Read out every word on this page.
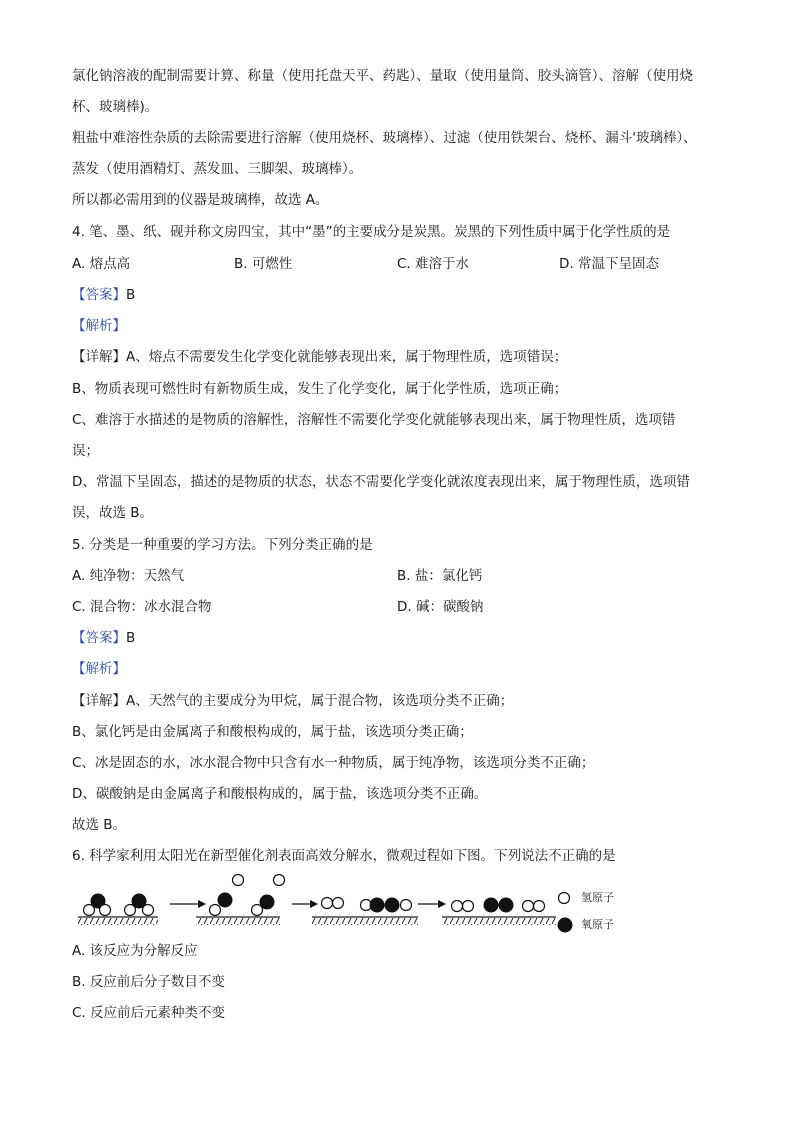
氯化钠溶液的配制需要计算、称量（使用托盘天平、药匙）、量取（使用量筒、胶头滴管）、溶解（使用烧
杯、玻璃棒)。
粗盐中难溶性杂质的去除需要进行溶解（使用烧杯、玻璃棒）、过滤（使用铁架台、烧杯、漏斗'玻璃棒）、
蒸发（使用酒精灯、蒸发皿、三脚架、玻璃棒）。
所以都必需用到的仪器是玻璃棒，故选 A。
4. 笔、墨、纸、砚并称文房四宝，其中“墨”的主要成分是炭黑。炭黑的下列性质中属于化学性质的是
A. 熔点高	B. 可燃性	C. 难溶于水	D. 常温下呈固态
【答案】B
【解析】
【详解】A、熔点不需要发生化学变化就能够表现出来，属于物理性质，选项错误；
B、物质表现可燃性时有新物质生成，发生了化学变化，属于化学性质，选项正确；
C、难溶于水描述的是物质的溶解性，溶解性不需要化学变化就能够表现出来，属于物理性质，选项错
误；
D、常温下呈固态，描述的是物质的状态，状态不需要化学变化就浓度表现出来，属于物理性质，选项错
误，故选 B。
5. 分类是一种重要的学习方法。下列分类正确的是
A. 纯净物：天然气	B. 盐：氯化钙
C. 混合物：冰水混合物	D. 碱：碳酸钠
【答案】B
【解析】
【详解】A、天然气的主要成分为甲烷，属于混合物，该选项分类不正确；
B、氯化钙是由金属离子和酸根构成的，属于盐，该选项分类正确；
C、冰是固态的水，冰水混合物中只含有水一种物质，属于纯净物，该选项分类不正确；
D、碳酸钠是由金属离子和酸根构成的，属于盐，该选项分类不正确。
故选 B。
6. 科学家利用太阳光在新型催化剂表面高效分解水，微观过程如下图。下列说法不正确的是
氢原子
氧原子
A. 该反应为分解反应
B. 反应前后分子数目不变
C. 反应前后元素种类不变
